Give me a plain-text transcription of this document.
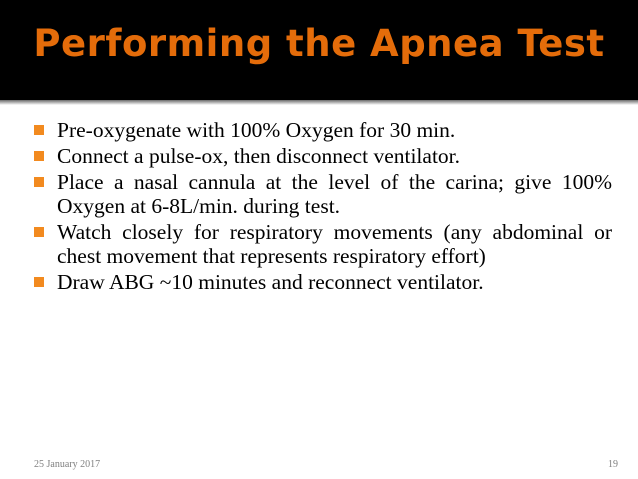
Performing the Apnea Test
Pre-oxygenate with 100% Oxygen for 30 min.
Connect a pulse-ox, then disconnect ventilator.
Place a nasal cannula at the level of the carina; give 100% Oxygen at 6-8L/min. during test.
Watch closely for respiratory movements (any abdominal or chest movement that represents respiratory effort)
Draw ABG ~10 minutes and reconnect ventilator.
25 January 2017	19
